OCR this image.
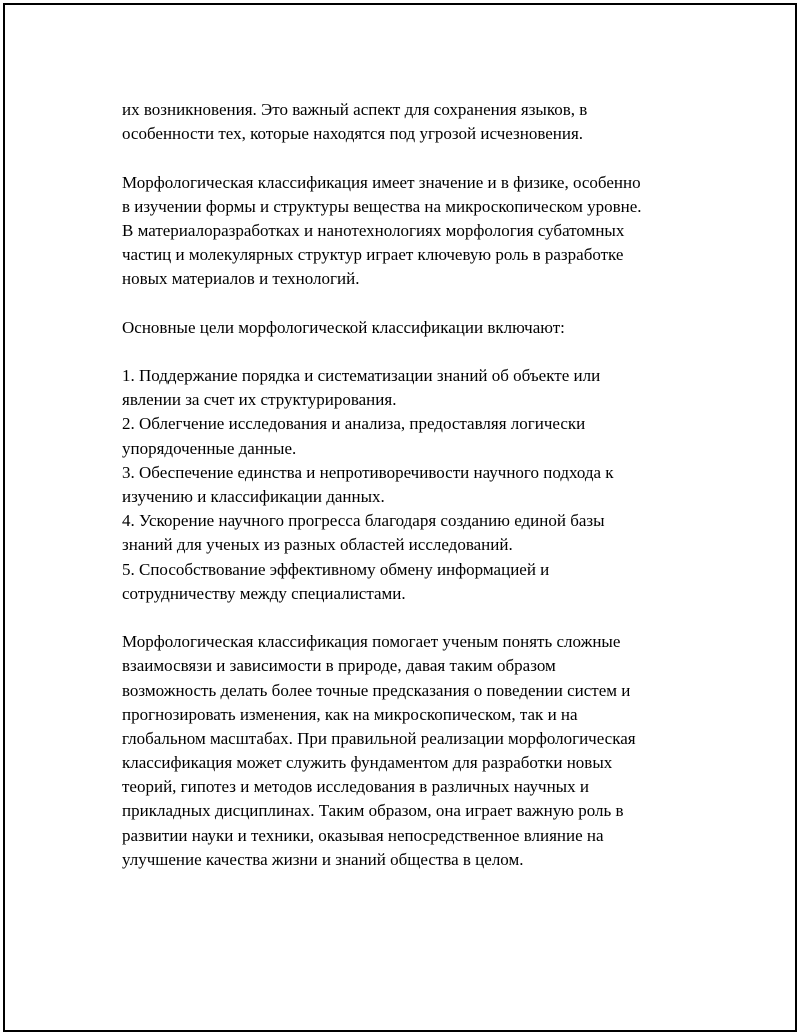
их возникновения. Это важный аспект для сохранения языков, в
особенности тех, которые находятся под угрозой исчезновения.
Морфологическая классификация имеет значение и в физике, особенно
в изучении формы и структуры вещества на микроскопическом уровне.
В материалоразработках и нанотехнологиях морфология субатомных
частиц и молекулярных структур играет ключевую роль в разработке
новых материалов и технологий.
Основные цели морфологической классификации включают:
1. Поддержание порядка и систематизации знаний об объекте или
явлении за счет их структурирования.
2. Облегчение исследования и анализа, предоставляя логически
упорядоченные данные.
3. Обеспечение единства и непротиворечивости научного подхода к
изучению и классификации данных.
4. Ускорение научного прогресса благодаря созданию единой базы
знаний для ученых из разных областей исследований.
5. Способствование эффективному обмену информацией и
сотрудничеству между специалистами.
Морфологическая классификация помогает ученым понять сложные
взаимосвязи и зависимости в природе, давая таким образом
возможность делать более точные предсказания о поведении систем и
прогнозировать изменения, как на микроскопическом, так и на
глобальном масштабах. При правильной реализации морфологическая
классификация может служить фундаментом для разработки новых
теорий, гипотез и методов исследования в различных научных и
прикладных дисциплинах. Таким образом, она играет важную роль в
развитии науки и техники, оказывая непосредственное влияние на
улучшение качества жизни и знаний общества в целом.
